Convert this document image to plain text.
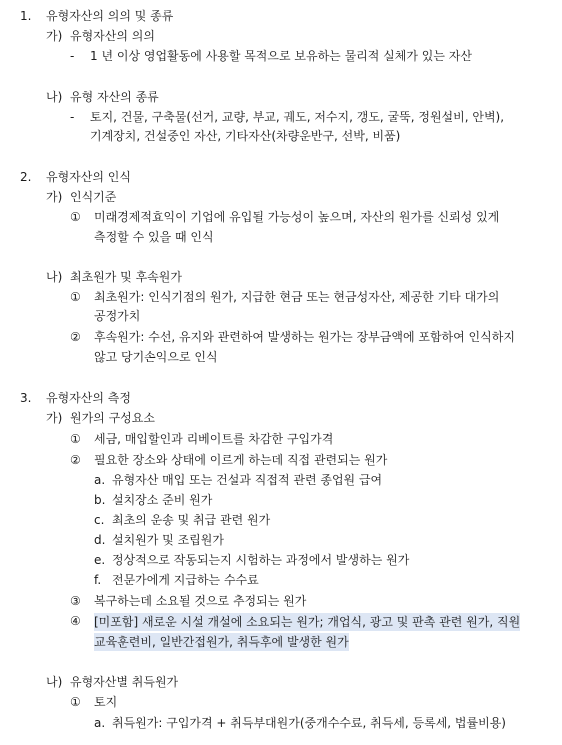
1. 유형자산의 의의 및 종류
가) 유형자산의 의의
- 1 년 이상 영업활동에 사용할 목적으로 보유하는 물리적 실체가 있는 자산
나) 유형 자산의 종류
- 토지, 건물, 구축물(선거, 교량, 부교, 궤도, 저수지, 갱도, 굴뚝, 정원설비, 안벽),
기계장치, 건설중인 자산, 기타자산(차량운반구, 선박, 비품)
2. 유형자산의 인식
가) 인식기준
① 미래경제적효익이 기업에 유입될 가능성이 높으며, 자산의 원가를 신뢰성 있게
측정할 수 있을 때 인식
나) 최초원가 및 후속원가
① 최초원가: 인식기점의 원가, 지급한 현금 또는 현금성자산, 제공한 기타 대가의
공정가치
② 후속원가: 수선, 유지와 관련하여 발생하는 원가는 장부금액에 포함하여 인식하지
않고 당기손익으로 인식
3. 유형자산의 측정
가) 원가의 구성요소
① 세금, 매입할인과 리베이트를 차감한 구입가격
② 필요한 장소와 상태에 이르게 하는데 직접 관련되는 원가
a. 유형자산 매입 또는 건설과 직접적 관련 종업원 급여
b. 설치장소 준비 원가
c. 최초의 운송 및 취급 관련 원가
d. 설치원가 및 조립원가
e. 정상적으로 작동되는지 시험하는 과정에서 발생하는 원가
f. 전문가에게 지급하는 수수료
③ 복구하는데 소요될 것으로 추정되는 원가
④ [미포함] 새로운 시설 개설에 소요되는 원가; 개업식, 광고 및 판촉 관련 원가, 직원
교육훈련비, 일반간접원가, 취득후에 발생한 원가
나) 유형자산별 취득원가
① 토지
a. 취득원가: 구입가격 + 취득부대원가(중개수수료, 취득세, 등록세, 법률비용)
